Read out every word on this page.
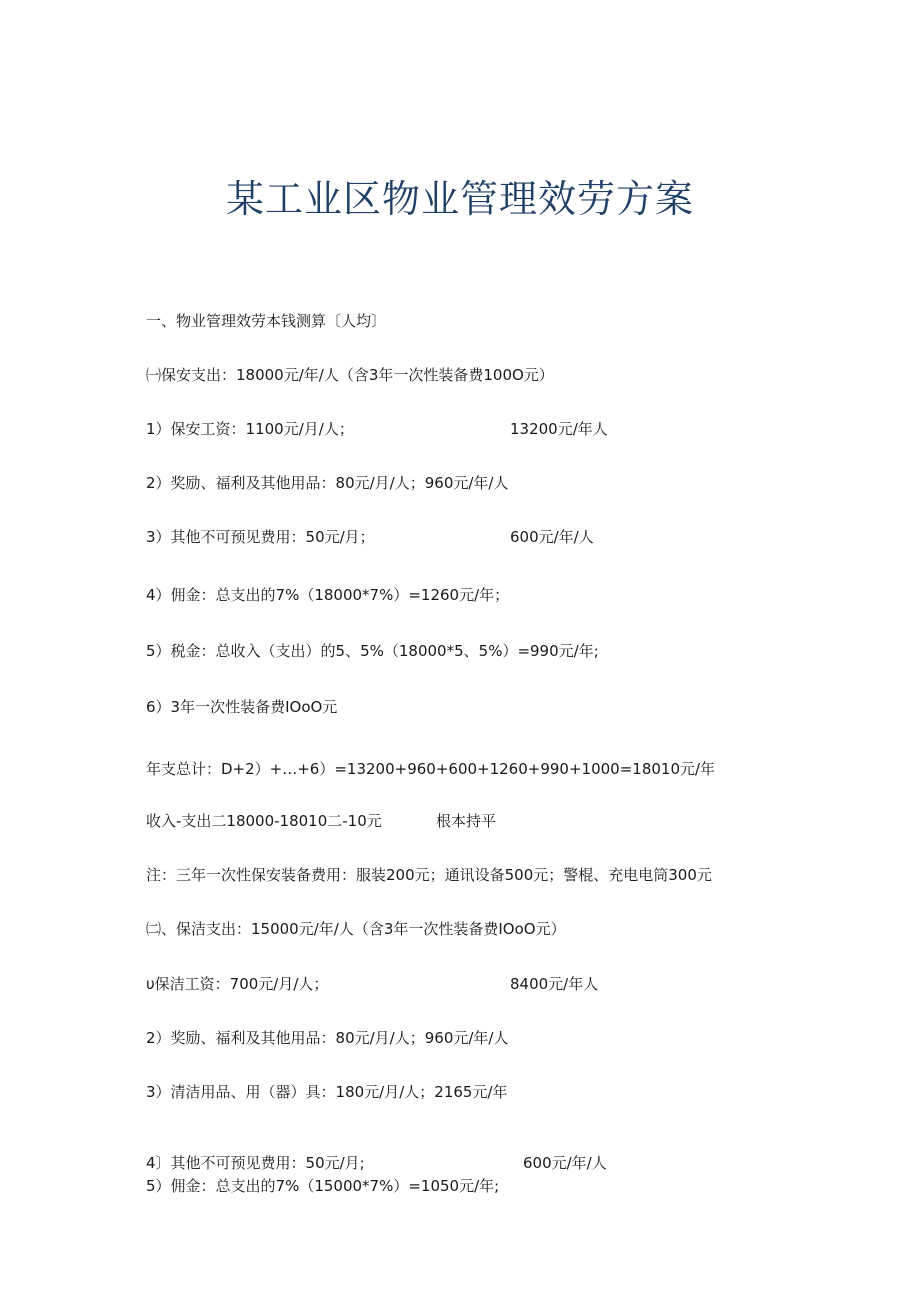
某工业区物业管理效劳方案

一、物业管理效劳本钱测算〔人均〕

㈠保安支出：18000元/年/人（含3年一次性装备费100O元）

1）保安工资：1100元/月/人；	13200元/年人

2）奖励、福利及其他用品：80元/月/人；960元/年/人

3）其他不可预见费用：50元/月；	600元/年/人

4）佣金：总支出的7%（18000*7%）=1260元/年；

5）税金：总收入（支出）的5、5%（18000*5、5%）=990元/年;

6）3年一次性装备费IOoO元

年支总计：D+2）+…+6）=13200+960+600+1260+990+1000=18010元/年

收入-支出二18000-18010二-10元	根本持平

注：三年一次性保安装备费用：服装200元；通讯设备500元；警棍、充电电筒300元

㈡、保洁支出：15000元/年/人（含3年一次性装备费IOoO元）

υ保洁工资：700元/月/人；	8400元/年人

2）奖励、福利及其他用品：80元/月/人；960元/年/人

3）清洁用品、用（器）具：180元/月/人；2165元/年

4〕其他不可预见费用：50元/月;	600元/年/人

5）佣金：总支出的7%（15000*7%）=1050元/年;
